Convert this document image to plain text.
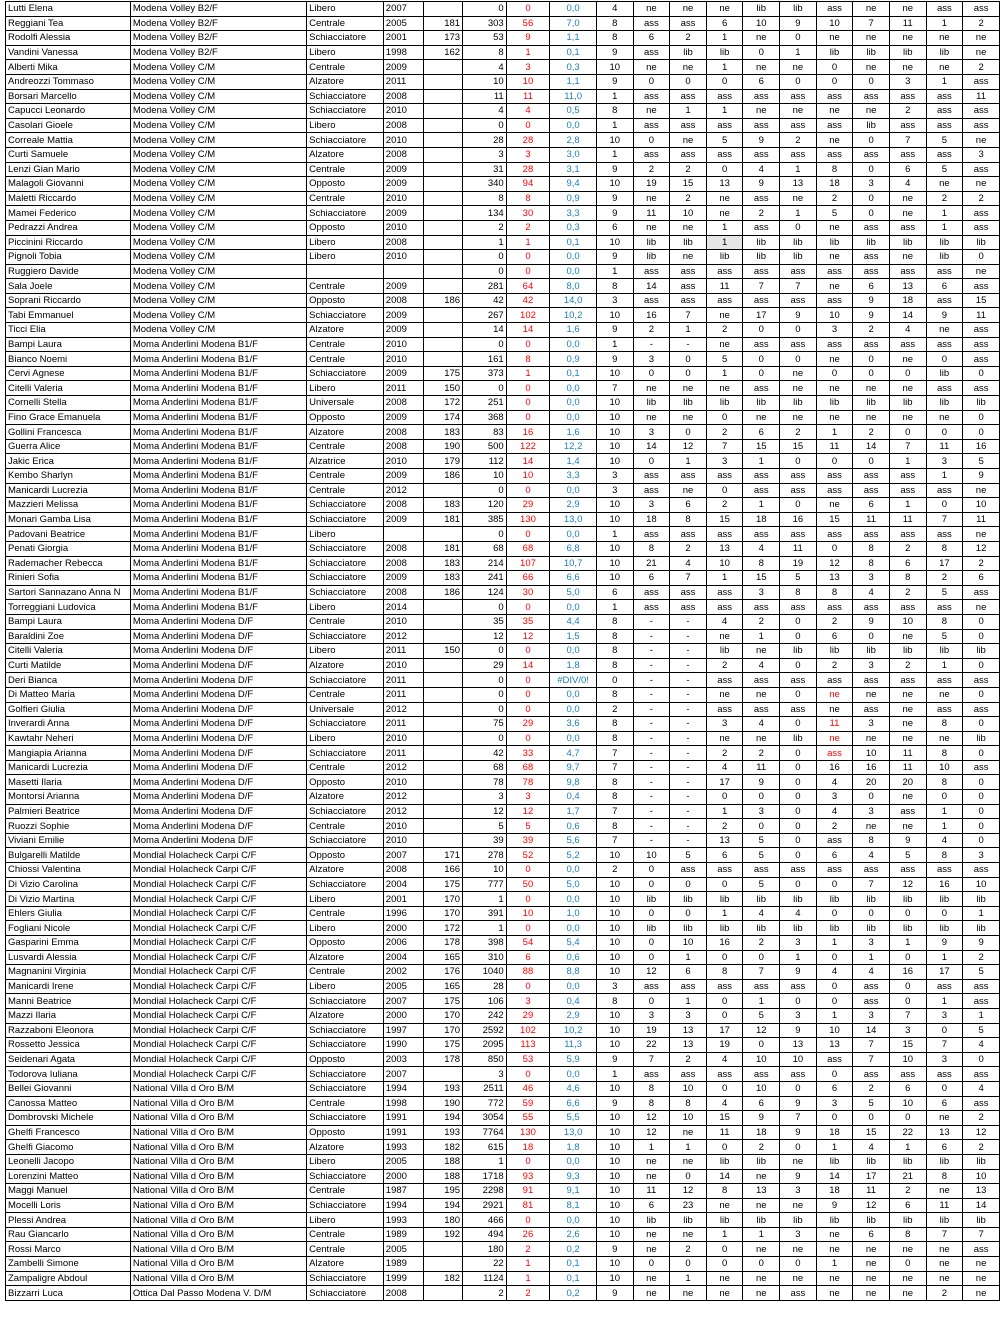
Lutti Elena	Modena Volley B2/F	Libero	2007		0	0	0,0	4	ne	ne	ne	lib	lib	ass	ne	ne	ass	ass
Reggiani Tea	Modena Volley B2/F	Centrale	2005	181	303	56	7,0	8	ass	ass	6	10	9	10	7	11	1	2
Rodolfi Alessia	Modena Volley B2/F	Schiacciatore	2001	173	53	9	1,1	8	6	2	1	ne	0	ne	ne	ne	ne	ne
Vandini Vanessa	Modena Volley B2/F	Libero	1998	162	8	1	0,1	9	ass	lib	lib	0	1	lib	lib	lib	lib	ne
Alberti Mika	Modena Volley C/M	Centrale	2009		4	3	0,3	10	ne	ne	1	ne	ne	0	ne	ne	ne	2
Andreozzi Tommaso	Modena Volley C/M	Alzatore	2011		10	10	1,1	9	0	0	0	6	0	0	0	3	1	ass
Borsari Marcello	Modena Volley C/M	Schiacciatore	2008		11	11	11,0	1	ass	ass	ass	ass	ass	ass	ass	ass	ass	11
Capucci Leonardo	Modena Volley C/M	Schiacciatore	2010		4	4	0,5	8	ne	1	1	ne	ne	ne	ne	2	ass	ass
Casolari Gioele	Modena Volley C/M	Libero	2008		0	0	0,0	1	ass	ass	ass	ass	ass	ass	lib	ass	ass	ass
Correale Mattia	Modena Volley C/M	Schiacciatore	2010		28	28	2,8	10	0	ne	5	9	2	ne	0	7	5	ne
Curti Samuele	Modena Volley C/M	Alzatore	2008		3	3	3,0	1	ass	ass	ass	ass	ass	ass	ass	ass	ass	3
Lenzi Gian Mario	Modena Volley C/M	Centrale	2009		31	28	3,1	9	2	2	0	4	1	8	0	6	5	ass
Malagoli Giovanni	Modena Volley C/M	Opposto	2009		340	94	9,4	10	19	15	13	9	13	18	3	4	ne	ne
Maletti Riccardo	Modena Volley C/M	Centrale	2010		8	8	0,9	9	ne	2	ne	ass	ne	2	0	ne	2	2
Mamei Federico	Modena Volley C/M	Schiacciatore	2009		134	30	3,3	9	11	10	ne	2	1	5	0	ne	1	ass
Pedrazzi Andrea	Modena Volley C/M	Opposto	2010		2	2	0,3	6	ne	ne	1	ass	0	ne	ass	ass	1	ass
Piccinini Riccardo	Modena Volley C/M	Libero	2008		1	1	0,1	10	lib	lib	1	lib	lib	lib	lib	lib	lib	lib
Pignoli Tobia	Modena Volley C/M	Libero	2010		0	0	0,0	9	lib	ne	lib	lib	lib	ne	ass	ne	lib	0
Ruggiero Davide	Modena Volley C/M				0	0	0,0	1	ass	ass	ass	ass	ass	ass	ass	ass	ass	ne
Sala Joele	Modena Volley C/M	Centrale	2009		281	64	8,0	8	14	ass	11	7	7	ne	6	13	6	ass
Soprani Riccardo	Modena Volley C/M	Opposto	2008	186	42	42	14,0	3	ass	ass	ass	ass	ass	ass	9	18	ass	15
Tabi Emmanuel	Modena Volley C/M	Schiacciatore	2009		267	102	10,2	10	16	7	ne	17	9	10	9	14	9	11
Ticci Elia	Modena Volley C/M	Alzatore	2009		14	14	1,6	9	2	1	2	0	0	3	2	4	ne	ass
Bampi Laura	Moma Anderlini Modena B1/F	Centrale	2010		0	0	0,0	1	-	-	ne	ass	ass	ass	ass	ass	ass	ass
Bianco Noemi	Moma Anderlini Modena B1/F	Centrale	2010		161	8	0,9	9	3	0	5	0	0	ne	0	ne	0	ass
Cervi Agnese	Moma Anderlini Modena B1/F	Schiacciatore	2009	175	373	1	0,1	10	0	0	1	0	ne	0	0	0	lib	0
Citelli Valeria	Moma Anderlini Modena B1/F	Libero	2011	150	0	0	0,0	7	ne	ne	ne	ass	ne	ne	ne	ne	ass	ass
Cornelli Stella	Moma Anderlini Modena B1/F	Universale	2008	172	251	0	0,0	10	lib	lib	lib	lib	lib	lib	lib	lib	lib	lib
Fino Grace Emanuela	Moma Anderlini Modena B1/F	Opposto	2009	174	368	0	0,0	10	ne	ne	0	ne	ne	ne	ne	ne	ne	0
Gollini Francesca	Moma Anderlini Modena B1/F	Alzatore	2008	183	83	16	1,6	10	3	0	2	6	2	1	2	0	0	0
Guerra Alice	Moma Anderlini Modena B1/F	Centrale	2008	190	500	122	12,2	10	14	12	7	15	15	11	14	7	11	16
Jakic Erica	Moma Anderlini Modena B1/F	Alzatrice	2010	179	112	14	1,4	10	0	1	3	1	0	0	0	1	3	5
Kembo Sharlyn	Moma Anderlini Modena B1/F	Centrale	2009	186	10	10	3,3	3	ass	ass	ass	ass	ass	ass	ass	ass	1	9
Manicardi Lucrezia	Moma Anderlini Modena B1/F	Centrale	2012		0	0	0,0	3	ass	ne	0	ass	ass	ass	ass	ass	ass	ne
Mazzieri Melissa	Moma Anderlini Modena B1/F	Schiacciatore	2008	183	120	29	2,9	10	3	6	2	1	0	ne	6	1	0	10
Monari Gamba Lisa	Moma Anderlini Modena B1/F	Schiacciatore	2009	181	385	130	13,0	10	18	8	15	18	16	15	11	11	7	11
Padovani Beatrice	Moma Anderlini Modena B1/F	Libero			0	0	0,0	1	ass	ass	ass	ass	ass	ass	ass	ass	ass	ne
Penati Giorgia	Moma Anderlini Modena B1/F	Schiacciatore	2008	181	68	68	6,8	10	8	2	13	4	11	0	8	2	8	12
Rademacher Rebecca	Moma Anderlini Modena B1/F	Schiacciatore	2008	183	214	107	10,7	10	21	4	10	8	19	12	8	6	17	2
Rinieri Sofia	Moma Anderlini Modena B1/F	Schiacciatore	2009	183	241	66	6,6	10	6	7	1	15	5	13	3	8	2	6
Sartori Sannazano Anna N	Moma Anderlini Modena B1/F	Schiacciatore	2008	186	124	30	5,0	6	ass	ass	ass	3	8	8	4	2	5	ass
Torreggiani Ludovica	Moma Anderlini Modena B1/F	Libero	2014		0	0	0,0	1	ass	ass	ass	ass	ass	ass	ass	ass	ass	ne
Bampi Laura	Moma Anderlini Modena D/F	Centrale	2010		35	35	4,4	8	-	-	4	2	0	2	9	10	8	0
Baraldini Zoe	Moma Anderlini Modena D/F	Schiacciatore	2012		12	12	1,5	8	-	-	ne	1	0	6	0	ne	5	0
Citelli Valeria	Moma Anderlini Modena D/F	Libero	2011	150	0	0	0,0	8	-	-	lib	ne	lib	lib	lib	lib	lib	lib
Curti Matilde	Moma Anderlini Modena D/F	Alzatore	2010		29	14	1,8	8	-	-	2	4	0	2	3	2	1	0
Deri Bianca	Moma Anderlini Modena D/F	Schiacciatore	2011		0	0	#DIV/0!	0	-	-	ass	ass	ass	ass	ass	ass	ass	ass
Di Matteo Maria	Moma Anderlini Modena D/F	Centrale	2011		0	0	0,0	8	-	-	ne	ne	0	ne	ne	ne	ne	0
Golfieri Giulia	Moma Anderlini Modena D/F	Universale	2012		0	0	0,0	2	-	-	ass	ass	ass	ne	ass	ne	ass	ass
Inverardi Anna	Moma Anderlini Modena D/F	Schiacciatore	2011		75	29	3,6	8	-	-	3	4	0	11	3	ne	8	0
Kawtahr Neheri	Moma Anderlini Modena D/F	Libero	2010		0	0	0,0	8	-	-	ne	ne	lib	ne	ne	ne	ne	lib
Mangiapia Arianna	Moma Anderlini Modena D/F	Schiacciatore	2011		42	33	4,7	7	-	-	2	2	0	ass	10	11	8	0
Manicardi Lucrezia	Moma Anderlini Modena D/F	Centrale	2012		68	68	9,7	7	-	-	4	11	0	16	16	11	10	ass
Masetti Ilaria	Moma Anderlini Modena D/F	Opposto	2010		78	78	9,8	8	-	-	17	9	0	4	20	20	8	0
Montorsi Arianna	Moma Anderlini Modena D/F	Alzatore	2012		3	3	0,4	8	-	-	0	0	0	3	0	ne	0	0
Palmieri Beatrice	Moma Anderlini Modena D/F	Schiacciatore	2012		12	12	1,7	7	-	-	1	3	0	4	3	ass	1	0
Ruozzi Sophie	Moma Anderlini Modena D/F	Centrale	2010		5	5	0,6	8	-	-	2	0	0	2	ne	ne	1	0
Viviani Emilie	Moma Anderlini Modena D/F	Schiacciatore	2010		39	39	5,6	7	-	-	13	5	0	ass	8	9	4	0
Bulgarelli Matilde	Mondial Holacheck Carpi C/F	Opposto	2007	171	278	52	5,2	10	10	5	6	5	0	6	4	5	8	3
Chiossi Valentina	Mondial Holacheck Carpi C/F	Alzatore	2008	166	10	0	0,0	2	0	ass	ass	ass	ass	ass	ass	ass	ass	ass
Di Vizio Carolina	Mondial Holacheck Carpi C/F	Schiacciatore	2004	175	777	50	5,0	10	0	0	0	5	0	0	7	12	16	10
Di Vizio Martina	Mondial Holacheck Carpi C/F	Libero	2001	170	1	0	0,0	10	lib	lib	lib	lib	lib	lib	lib	lib	lib	lib
Ehlers Giulia	Mondial Holacheck Carpi C/F	Centrale	1996	170	391	10	1,0	10	0	0	1	4	4	0	0	0	0	1
Fogliani Nicole	Mondial Holacheck Carpi C/F	Libero	2000	172	1	0	0,0	10	lib	lib	lib	lib	lib	lib	lib	lib	lib	lib
Gasparini Emma	Mondial Holacheck Carpi C/F	Opposto	2006	178	398	54	5,4	10	0	10	16	2	3	1	3	1	9	9
Lusvardi Alessia	Mondial Holacheck Carpi C/F	Alzatore	2004	165	310	6	0,6	10	0	1	0	0	1	0	1	0	1	2
Magnanini Virginia	Mondial Holacheck Carpi C/F	Centrale	2002	176	1040	88	8,8	10	12	6	8	7	9	4	4	16	17	5
Manicardi Irene	Mondial Holacheck Carpi C/F	Libero	2005	165	28	0	0,0	3	ass	ass	ass	ass	ass	0	ass	0	ass	ass
Manni Beatrice	Mondial Holacheck Carpi C/F	Schiacciatore	2007	175	106	3	0,4	8	0	1	0	1	0	0	ass	0	1	ass
Mazzi Ilaria	Mondial Holacheck Carpi C/F	Alzatore	2000	170	242	29	2,9	10	3	3	0	5	3	1	3	7	3	1
Razzaboni Eleonora	Mondial Holacheck Carpi C/F	Schiacciatore	1997	170	2592	102	10,2	10	19	13	17	12	9	10	14	3	0	5
Rossetto Jessica	Mondial Holacheck Carpi C/F	Schiacciatore	1990	175	2095	113	11,3	10	22	13	19	0	13	13	7	15	7	4
Seidenari Agata	Mondial Holacheck Carpi C/F	Opposto	2003	178	850	53	5,9	9	7	2	4	10	10	ass	7	10	3	0
Todorova Iuliana	Mondial Holacheck Carpi C/F	Schiacciatore	2007		3	0	0,0	1	ass	ass	ass	ass	ass	0	ass	ass	ass	ass
Bellei Giovanni	National Villa d Oro B/M	Schiacciatore	1994	193	2511	46	4,6	10	8	10	0	10	0	6	2	6	0	4
Canossa Matteo	National Villa d Oro B/M	Centrale	1998	190	772	59	6,6	9	8	8	4	6	9	3	5	10	6	ass
Dombrovski Michele	National Villa d Oro B/M	Schiacciatore	1991	194	3054	55	5,5	10	12	10	15	9	7	0	0	0	ne	2
Ghelfi Francesco	National Villa d Oro B/M	Opposto	1991	193	7764	130	13,0	10	12	ne	11	18	9	18	15	22	13	12
Ghelfi Giacomo	National Villa d Oro B/M	Alzatore	1993	182	615	18	1,8	10	1	1	0	2	0	1	4	1	6	2
Leonelli Jacopo	National Villa d Oro B/M	Libero	2005	188	1	0	0,0	10	ne	ne	lib	lib	ne	lib	lib	lib	lib	lib
Lorenzini Matteo	National Villa d Oro B/M	Schiacciatore	2000	188	1718	93	9,3	10	ne	0	14	ne	9	14	17	21	8	10
Maggi Manuel	National Villa d Oro B/M	Centrale	1987	195	2298	91	9,1	10	11	12	8	13	3	18	11	2	ne	13
Mocelli Loris	National Villa d Oro B/M	Schiacciatore	1994	194	2921	81	8,1	10	6	23	ne	ne	ne	9	12	6	11	14
Plessi Andrea	National Villa d Oro B/M	Libero	1993	180	466	0	0,0	10	lib	lib	lib	lib	lib	lib	lib	lib	lib	lib
Rau Giancarlo	National Villa d Oro B/M	Centrale	1989	192	494	26	2,6	10	ne	ne	1	1	3	ne	6	8	7	7
Rossi Marco	National Villa d Oro B/M	Centrale	2005		180	2	0,2	9	ne	2	0	ne	ne	ne	ne	ne	ne	ass
Zambelli Simone	National Villa d Oro B/M	Alzatore	1989		22	1	0,1	10	0	0	0	0	0	1	ne	0	ne	ne
Zampaligre Abdoul	National Villa d Oro B/M	Schiacciatore	1999	182	1124	1	0,1	10	ne	1	ne	ne	ne	ne	ne	ne	ne	ne
Bizzarri Luca	Ottica Dal Passo Modena V. D/M	Schiacciatore	2008		2	2	0,2	9	ne	ne	ne	ne	ass	ne	ne	ne	2	ne
